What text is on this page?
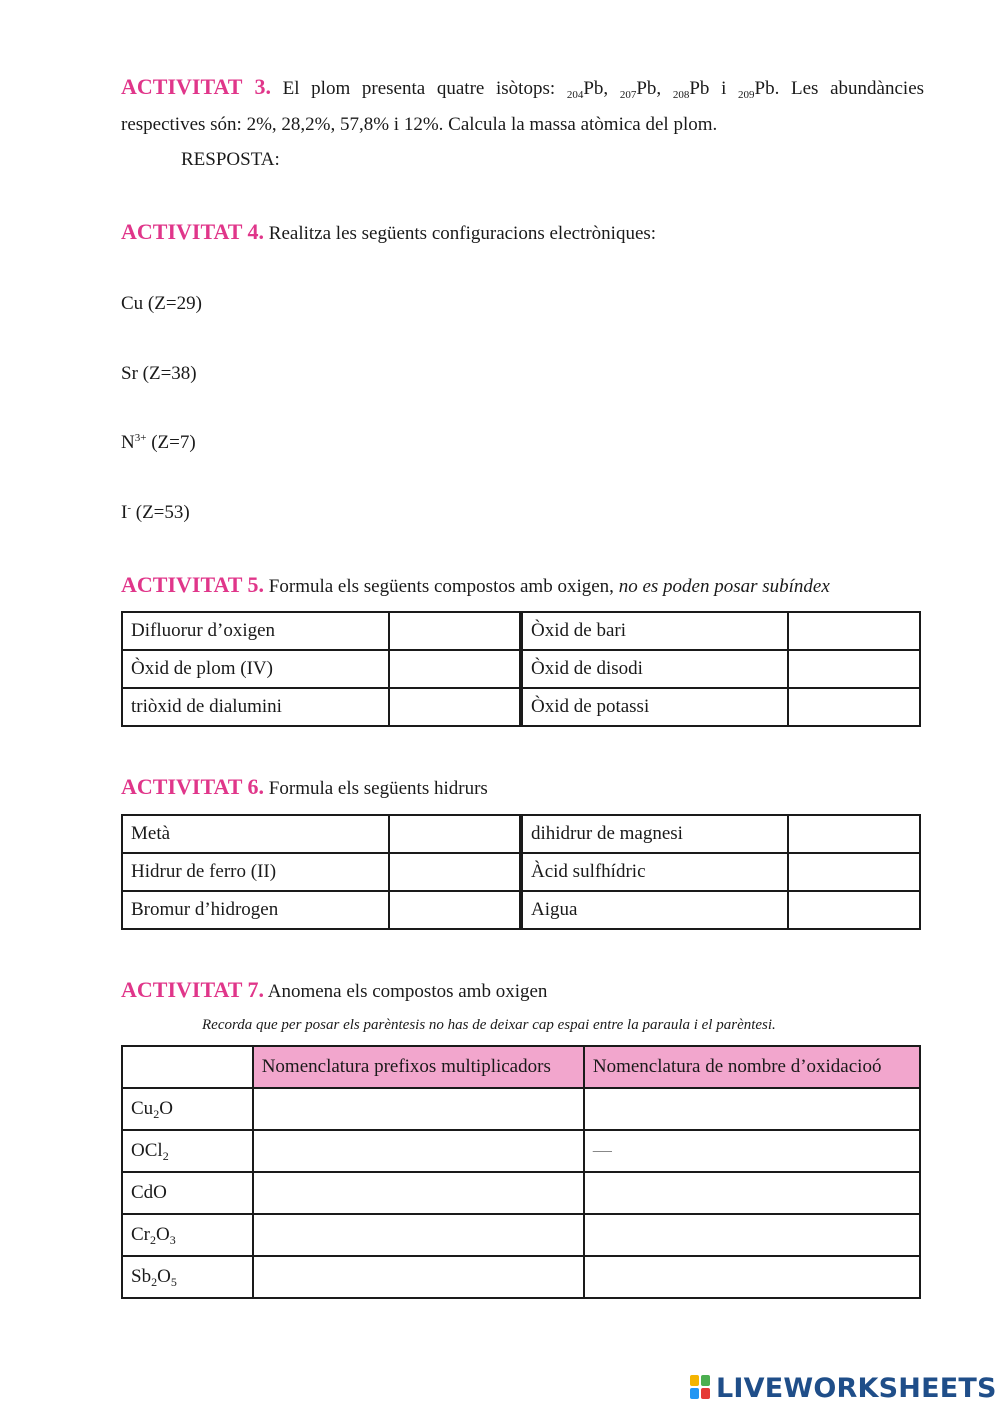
ACTIVITAT 3. El plom presenta quatre isòtops: $_{204}$Pb, $_{207}$Pb, $_{208}$Pb i $_{209}$Pb. Les abundàncies
respectives són: 2%, 28,2%, 57,8% i 12%. Calcula la massa atòmica del plom.
RESPOSTA:
ACTIVITAT 4. Realitza les següents configuracions electròniques:
Cu (Z=29)
Sr (Z=38)
$N^{3+}$ (Z=7)
I- (Z=53)
ACTIVITAT 5. Formula els següents compostos amb oxigen, no es poden posar subíndex
Difluorur d’oxigen		Òxid de bari	
Òxid de plom (IV)		Òxid de disodi	
triòxid de dialumini		Òxid de potassi	
ACTIVITAT 6. Formula els següents hidrurs
Metà		dihidrur de magnesi	
Hidrur de ferro (II)		Àcid sulfhídric	
Bromur d’hidrogen		Aigua	
ACTIVITAT 7. Anomena els compostos amb oxigen
Recorda que per posar els parèntesis no has de deixar cap espai entre la paraula i el parèntesi.
	Nomenclatura prefixos multiplicadors	Nomenclatura de nombre d’oxidacioó
$Cu_2O$		
OCl$_2$		—
CdO		
$Cr_2O_3$		
$Sb_2O_5$		
LIVEWORKSHEETS
